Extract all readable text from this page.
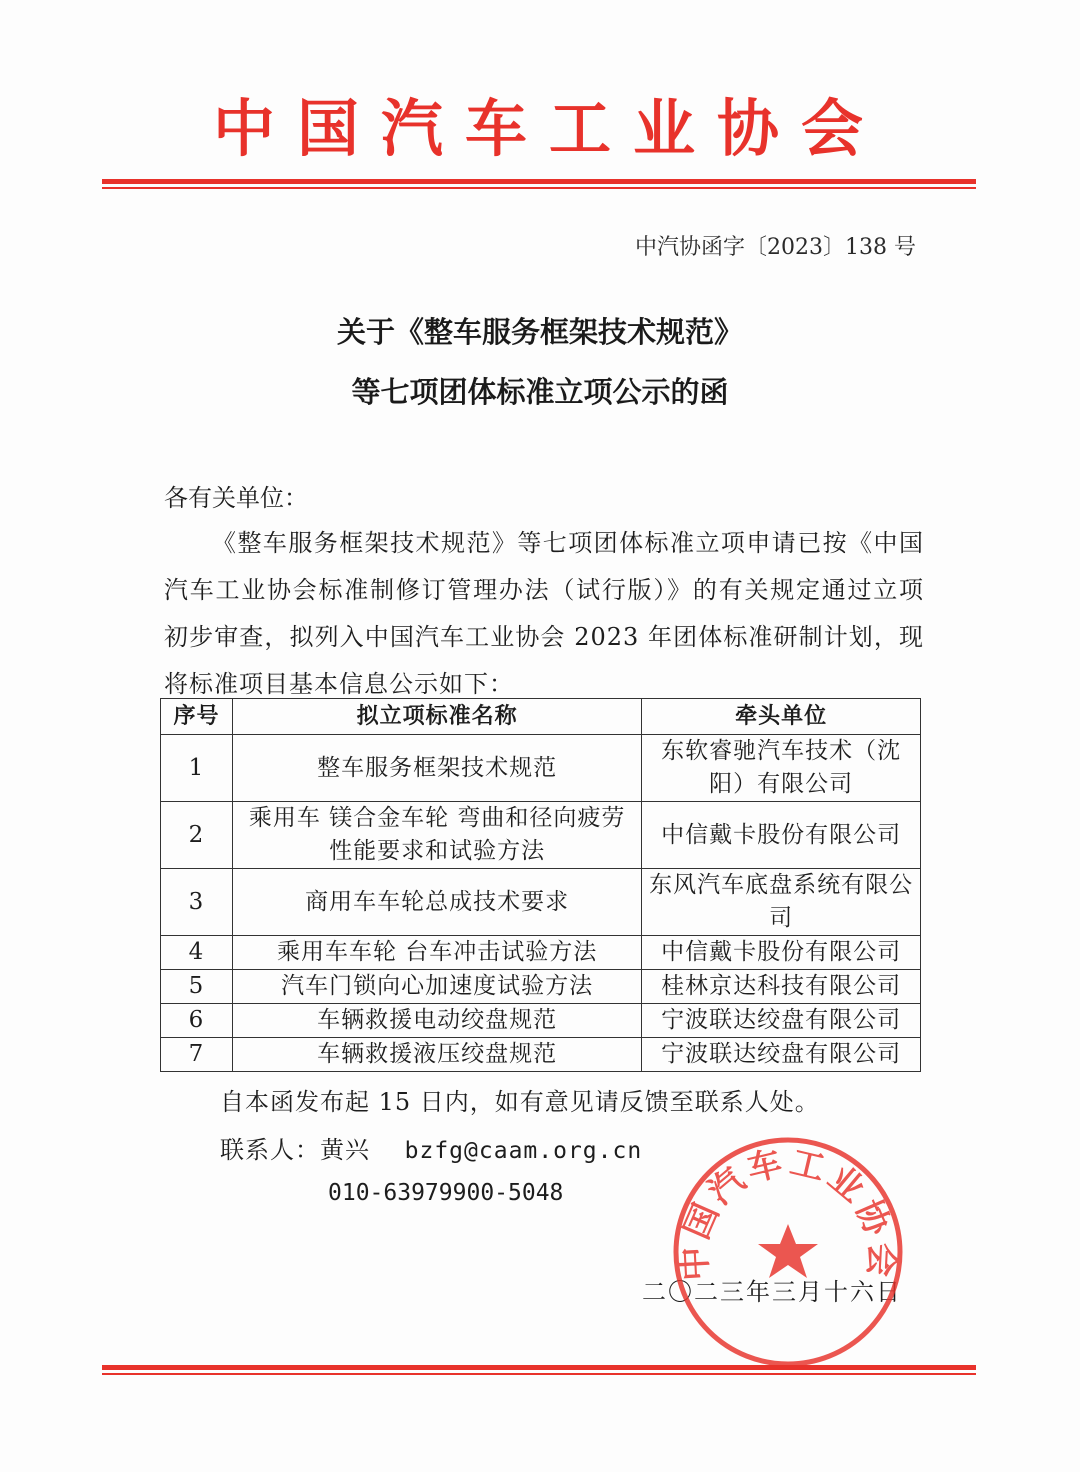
中国汽车工业协会
中汽协函字〔2023〕138 号
关于《整车服务框架技术规范》
等七项团体标准立项公示的函
各有关单位：
《整车服务框架技术规范》等七项团体标准立项申请已按《中国汽车工业协会标准制修订管理办法（试行版）》的有关规定通过立项初步审查，拟列入中国汽车工业协会 2023 年团体标准研制计划，现将标准项目基本信息公示如下：
序号	拟立项标准名称	牵头单位
1	整车服务框架技术规范	东软睿驰汽车技术（沈阳）有限公司
2	乘用车 镁合金车轮 弯曲和径向疲劳性能要求和试验方法	中信戴卡股份有限公司
3	商用车车轮总成技术要求	东风汽车底盘系统有限公司
4	乘用车车轮 台车冲击试验方法	中信戴卡股份有限公司
5	汽车门锁向心加速度试验方法	桂林京达科技有限公司
6	车辆救援电动绞盘规范	宁波联达绞盘有限公司
7	车辆救援液压绞盘规范	宁波联达绞盘有限公司
自本函发布起 15 日内，如有意见请反馈至联系人处。
联系人：黄兴 bzfg@caam.org.cn
010-63979900-5048
二〇二三年三月十六日
中国汽车工业协会
